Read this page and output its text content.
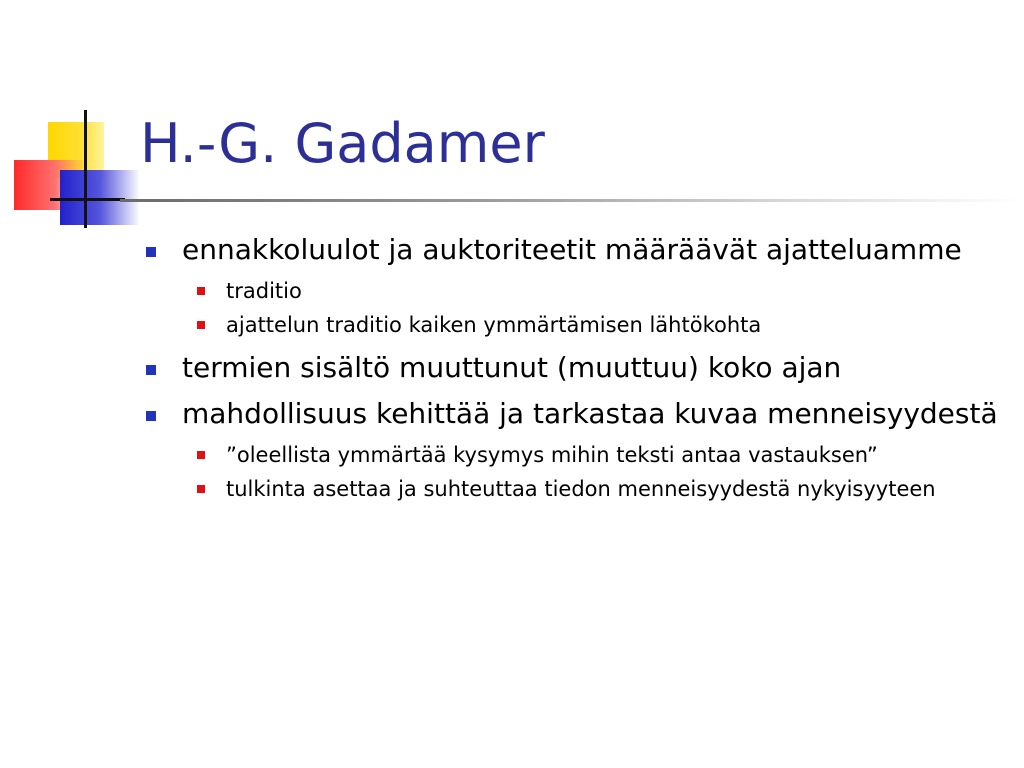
H.-G. Gadamer
ennakkoluulot ja auktoriteetit määräävät ajatteluamme
traditio
ajattelun traditio kaiken ymmärtämisen lähtökohta
termien sisältö muuttunut (muuttuu) koko ajan
mahdollisuus kehittää ja tarkastaa kuvaa menneisyydestä
”oleellista ymmärtää kysymys mihin teksti antaa vastauksen”
tulkinta asettaa ja suhteuttaa tiedon menneisyydestä nykyisyyteen
